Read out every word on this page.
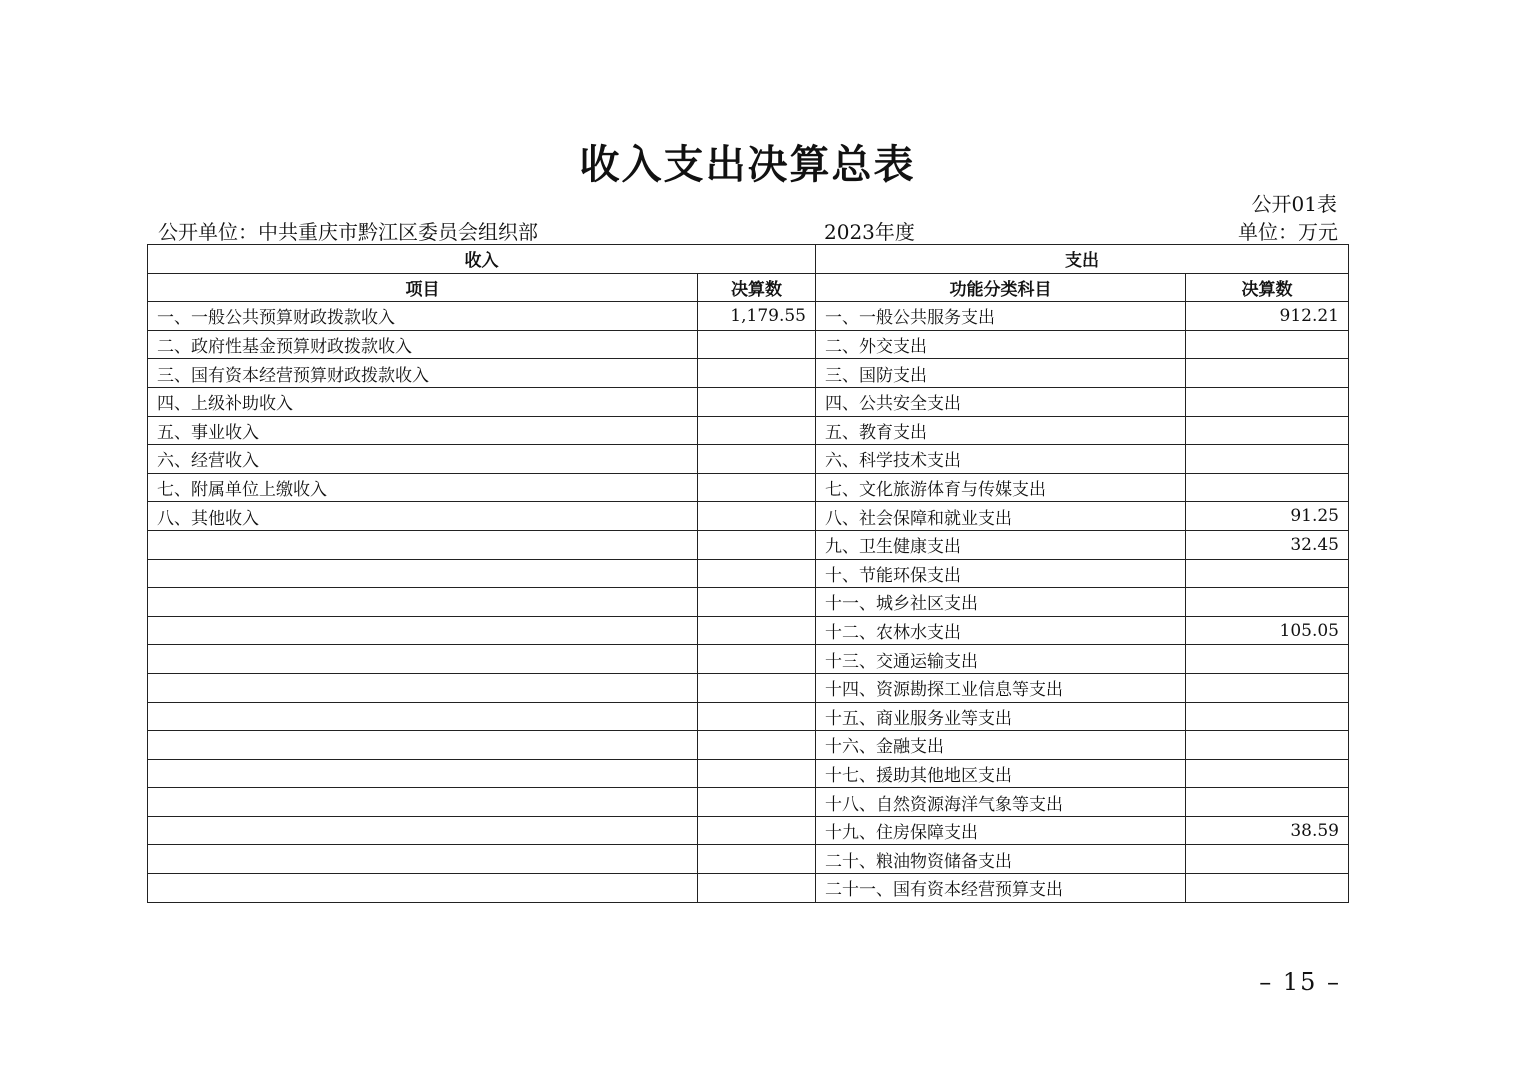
收入支出决算总表
公开01表
公开单位：中共重庆市黔江区委员会组织部	2023年度	单位：万元
收入		支出	
项目	决算数	功能分类科目	决算数
一、一般公共预算财政拨款收入	1,179.55	一、一般公共服务支出	912.21
二、政府性基金预算财政拨款收入		二、外交支出	
三、国有资本经营预算财政拨款收入		三、国防支出	
四、上级补助收入		四、公共安全支出	
五、事业收入		五、教育支出	
六、经营收入		六、科学技术支出	
七、附属单位上缴收入		七、文化旅游体育与传媒支出	
八、其他收入		八、社会保障和就业支出	91.25
		九、卫生健康支出	32.45
		十、节能环保支出	
		十一、城乡社区支出	
		十二、农林水支出	105.05
		十三、交通运输支出	
		十四、资源勘探工业信息等支出	
		十五、商业服务业等支出	
		十六、金融支出	
		十七、援助其他地区支出	
		十八、自然资源海洋气象等支出	
		十九、住房保障支出	38.59
		二十、粮油物资储备支出	
		二十一、国有资本经营预算支出	
– 15 –
